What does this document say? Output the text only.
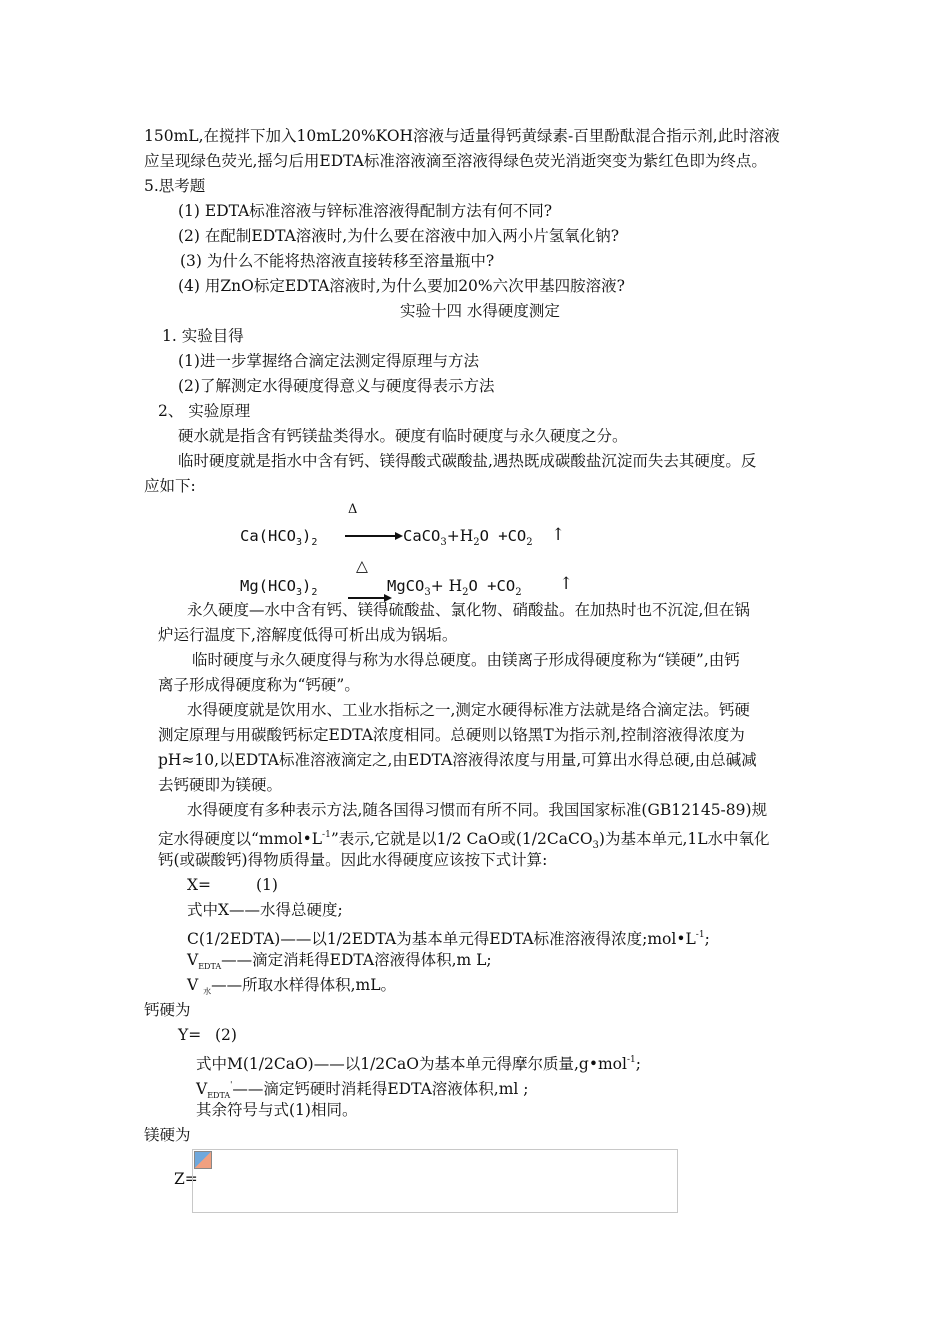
150mL,在搅拌下加入10mL20%KOH溶液与适量得钙黄绿素-百里酚酞混合指示剂,此时溶液
应呈现绿色荧光,摇匀后用EDTA标准溶液滴至溶液得绿色荧光消逝突变为紫红色即为终点。
5.思考题
(1) EDTA标准溶液与锌标准溶液得配制方法有何不同?
(2) 在配制EDTA溶液时,为什么要在溶液中加入两小片氢氧化钠?
(3) 为什么不能将热溶液直接转移至溶量瓶中?
(4) 用ZnO标定EDTA溶液时,为什么要加20%六次甲基四胺溶液?
实验十四 水得硬度测定
1. 实验目得
(1)进一步掌握络合滴定法测定得原理与方法
(2)了解测定水得硬度得意义与硬度得表示方法
2、 实验原理
硬水就是指含有钙镁盐类得水。硬度有临时硬度与永久硬度之分。
临时硬度就是指水中含有钙、镁得酸式碳酸盐,遇热既成碳酸盐沉淀而失去其硬度。反
应如下:
Δ
$Ca(HCO_3)_2$	$CaCO_3+H_2O +CO_2$ ↑
△
$Mg(HCO_3)_2$	MgCO$_3$+ $H_2O +CO_2$ ↑
永久硬度—水中含有钙、镁得硫酸盐、氯化物、硝酸盐。在加热时也不沉淀,但在锅
炉运行温度下,溶解度低得可析出成为锅垢。
临时硬度与永久硬度得与称为水得总硬度。由镁离子形成得硬度称为“镁硬”,由钙
离子形成得硬度称为“钙硬”。
水得硬度就是饮用水、工业水指标之一,测定水硬得标准方法就是络合滴定法。钙硬
测定原理与用碳酸钙标定EDTA浓度相同。总硬则以铬黑T为指示剂,控制溶液得浓度为
pH≈10,以EDTA标准溶液滴定之,由EDTA溶液得浓度与用量,可算出水得总硬,由总碱减
去钙硬即为镁硬。
水得硬度有多种表示方法,随各国得习惯而有所不同。我国国家标准(GB12145-89)规
定水得硬度以“$mmol•L^{-1}$”表示,它就是以1/2 CaO或(1/2CaCO$_3$)为基本单元,1L水中氧化
钙(或碳酸钙)得物质得量。因此水得硬度应该按下式计算:
X=	(1)
式中X——水得总硬度;
C(1/2EDTA)——以1/2EDTA为基本单元得EDTA标准溶液得浓度$;mol•L^{-1}$;
$V_{EDTA}——$滴定消耗得EDTA溶液得体积,m L;
V $_水$——所取水样得体积,mL。
钙硬为
Y= (2)
式中M(1/2CaO)——以1/2CaO为基本单元得摩尔质量,g•mol$^{-1}$;
$V_{EDTA}'——$滴定钙硬时消耗得EDTA溶液体积,ml ;
其余符号与式(1)相同。
镁硬为
Z=
